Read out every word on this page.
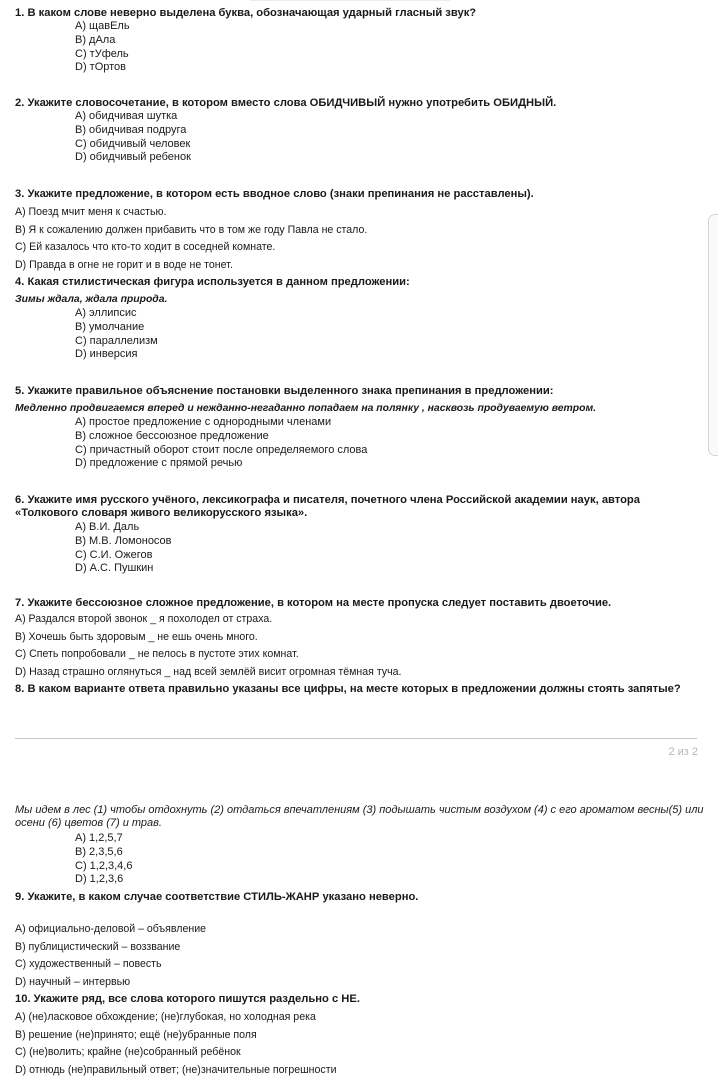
1. В каком слове неверно выделена буква, обозначающая ударный гласный звук?
А) щавЕль
В) дАла
С) тУфель
D) тОртов
2. Укажите словосочетание, в котором вместо слова ОБИДЧИВЫЙ нужно употребить ОБИДНЫЙ.
А) обидчивая шутка
В) обидчивая подруга
С) обидчивый человек
D) обидчивый ребенок
3. Укажите предложение, в котором есть вводное слово (знаки препинания не расставлены).
А) Поезд мчит меня к счастью.
В) Я к сожалению должен прибавить что в том же году Павла не стало.
С) Ей казалось что кто-то ходит в соседней комнате.
D) Правда в огне не горит и в воде не тонет.
4. Какая стилистическая фигура используется в данном предложении:
Зимы ждала, ждала природа.
А) эллипсис
В) умолчание
С) параллелизм
D) инверсия
5. Укажите правильное объяснение постановки выделенного знака препинания в предложении:
Медленно продвигаемся вперед и нежданно-негаданно попадаем на полянку , насквозь продуваемую ветром.
А) простое предложение с однородными членами
В) сложное бессоюзное предложение
С) причастный оборот стоит после определяемого слова
D) предложение с прямой речью
6. Укажите имя русского учёного, лексикографа и писателя, почетного члена Российской академии наук, автора «Толкового словаря живого великорусского языка».
А) В.И. Даль
В) М.В. Ломоносов
С) С.И. Ожегов
D) А.С. Пушкин
7. Укажите бессоюзное сложное предложение, в котором на месте пропуска следует поставить двоеточие.
А) Раздался второй звонок _ я похолодел от страха.
В) Хочешь быть здоровым _ не ешь очень много.
С) Спеть попробовали _ не пелось в пустоте этих комнат.
D) Назад страшно оглянуться _ над всей землёй висит огромная тёмная туча.
8. В каком варианте ответа правильно указаны все цифры, на месте которых в предложении должны стоять запятые?
2 из 2
Мы идем в лес (1) чтобы отдохнуть (2) отдаться впечатлениям (3) подышать чистым воздухом (4) с его ароматом весны(5) или осени (6) цветов (7) и трав.
А) 1,2,5,7
В) 2,3,5,6
С) 1,2,3,4,6
D) 1,2,3,6
9. Укажите, в каком случае соответствие СТИЛЬ-ЖАНР указано неверно.
А) официально-деловой – объявление
В) публицистический – воззвание
С) художественный – повесть
D) научный – интервью
10. Укажите ряд, все слова которого пишутся раздельно с НЕ.
А) (не)ласковое обхождение; (не)глубокая, но холодная река
В) решение (не)принято; ещё (не)убранные поля
С) (не)волить; крайне (не)собранный ребёнок
D) отнюдь (не)правильный ответ; (не)значительные погрешности
